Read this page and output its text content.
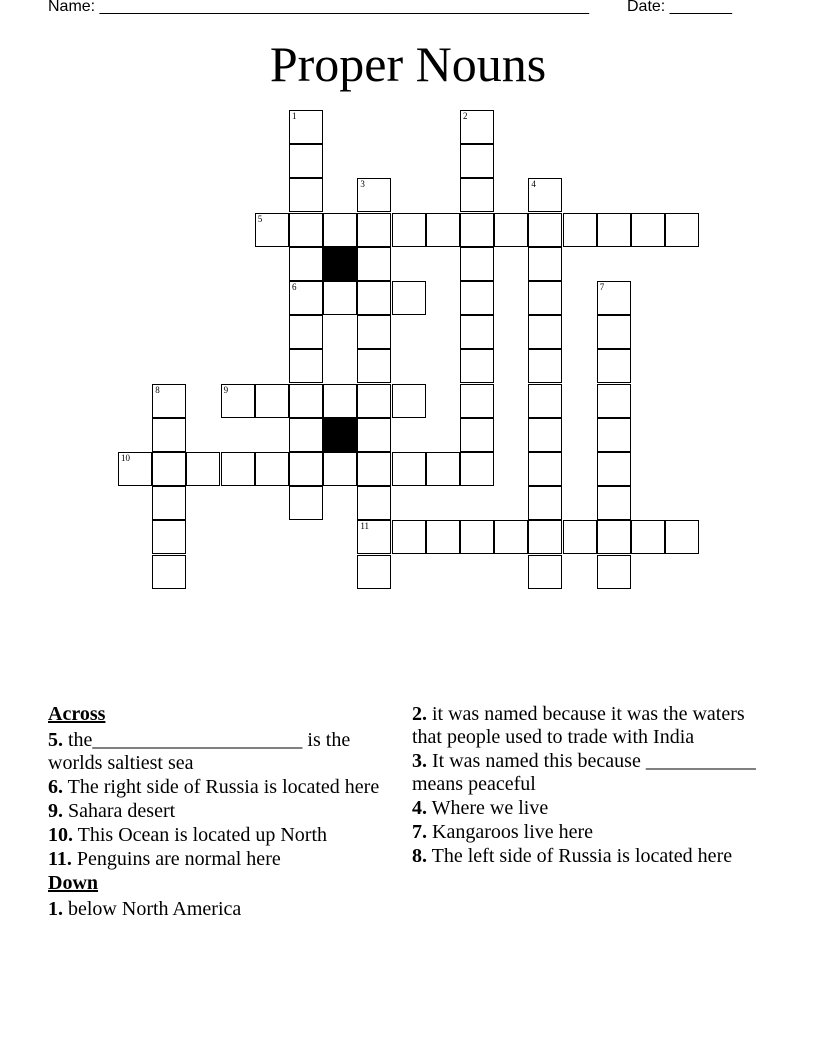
Name: _______________________________________________________ Date: _______
Proper Nouns
1	2
3	4
5
6	7
8	9
10
11
Across
5. the_____________________ is the worlds saltiest sea
6. The right side of Russia is located here
9. Sahara desert
10. This Ocean is located up North
11. Penguins are normal here
Down
1. below North America
2. it was named because it was the waters that people used to trade with India
3. It was named this because ___________ means peaceful
4. Where we live
7. Kangaroos live here
8. The left side of Russia is located here
